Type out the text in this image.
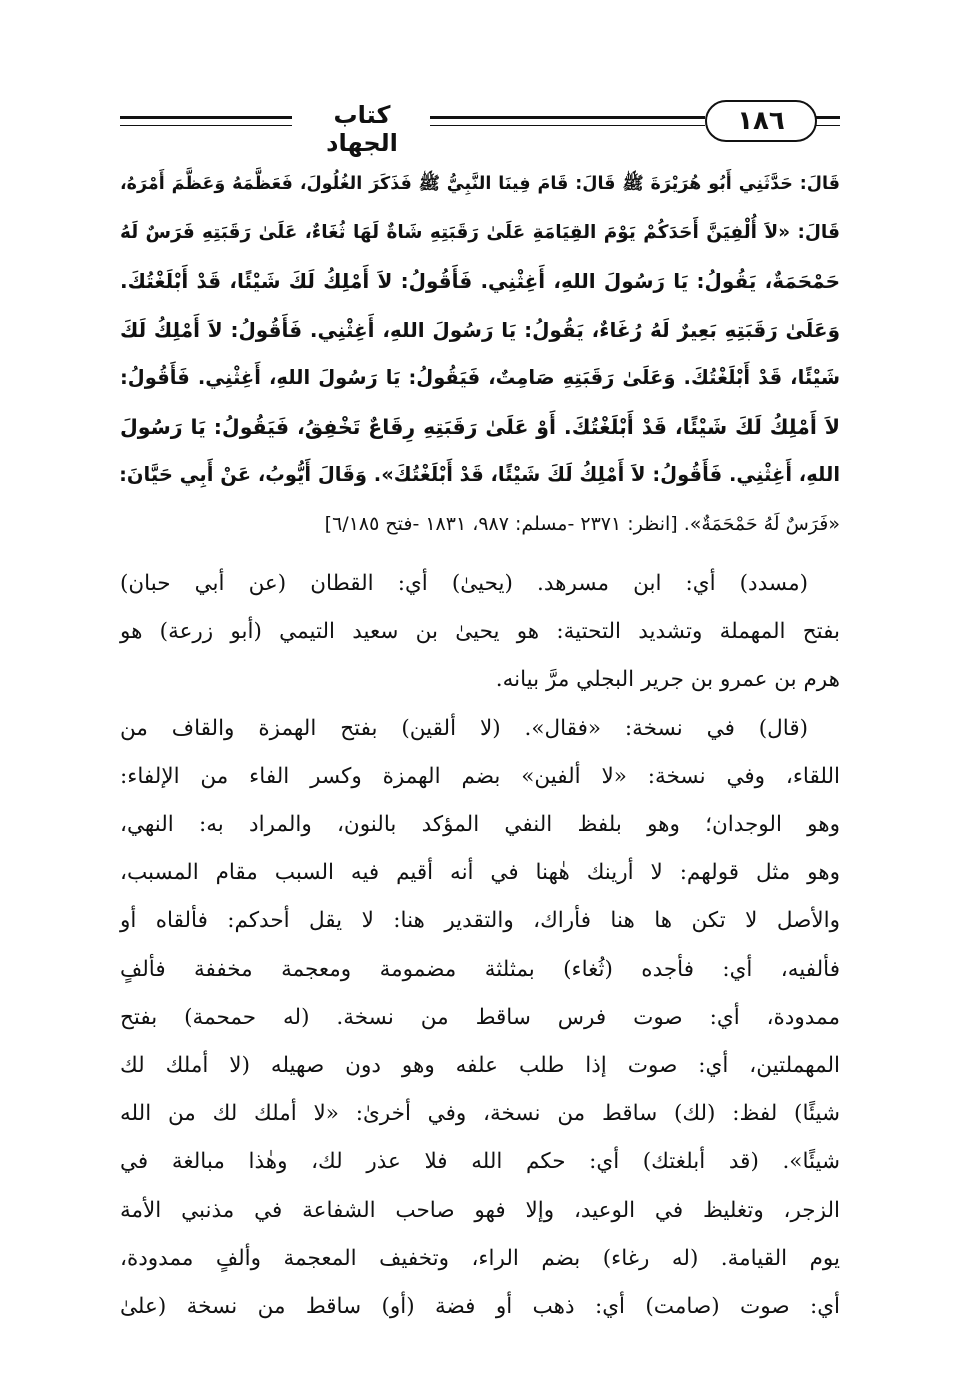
كتاب الجهاد
١٨٦
قَالَ: حَدَّثَنِي أَبُو هُرَيْرَةَ ﷺ قَالَ: قَامَ فِينَا النَّبِيُّ ﷺ فَذَكَرَ الغُلُولَ، فَعَظَّمَهُ وَعَظَّمَ أَمْرَهُ،
قَالَ: «لاَ أُلْفِيَنَّ أَحَدَكُمْ يَوْمَ القِيَامَةِ عَلَىٰ رَقَبَتِهِ شَاةٌ لَهَا ثُغَاءٌ، عَلَىٰ رَقَبَتِهِ فَرَسٌ لَهُ
حَمْحَمَةٌ، يَقُولُ: يَا رَسُولَ اللهِ، أَغِثْنِي. فَأَقُولُ: لاَ أَمْلِكُ لَكَ شَيْئًا، قَدْ أَبْلَغْتُكَ.
وَعَلَىٰ رَقَبَتِهِ بَعِيرٌ لَهُ رُغَاءٌ، يَقُولُ: يَا رَسُولَ اللهِ، أَغِثْنِي. فَأَقُولُ: لاَ أَمْلِكُ لَكَ
شَيْئًا، قَدْ أَبْلَغْتُكَ. وَعَلَىٰ رَقَبَتِهِ صَامِتٌ، فَيَقُولُ: يَا رَسُولَ اللهِ، أَغِثْنِي. فَأَقُولُ:
لاَ أَمْلِكُ لَكَ شَيْئًا، قَدْ أَبْلَغْتُكَ. أَوْ عَلَىٰ رَقَبَتِهِ رِقَاعٌ تَخْفِقُ، فَيَقُولُ: يَا رَسُولَ
اللهِ، أَغِثْنِي. فَأَقُولُ: لاَ أَمْلِكُ لَكَ شَيْئًا، قَدْ أَبْلَغْتُكَ». وَقَالَ أَيُّوبُ، عَنْ أَبِي حَيَّانَ:
«فَرَسٌ لَهُ حَمْحَمَةٌ». [انظر: ٢٣٧١ -مسلم: ٩٨٧، ١٨٣١ -فتح ٦/١٨٥]
(مسدد) أي: ابن مسرهد. (يحيىٰ) أي: القطان (عن أبي حبان)
بفتح المهملة وتشديد التحتية: هو يحيىٰ بن سعيد التيمي (أبو زرعة) هو
هرم بن عمرو بن جرير البجلي مرَّ بيانه.
(قال) في نسخة: «فقال». (لا ألقين) بفتح الهمزة والقاف من
اللقاء، وفي نسخة: «لا ألفين» بضم الهمزة وكسر الفاء من الإلفاء:
وهو الوجدان؛ وهو بلفظ النفي المؤكد بالنون، والمراد به: النهي،
وهو مثل قولهم: لا أرينك هٰهنا في أنه أقيم فيه السبب مقام المسبب،
والأصل لا تكن ها هنا فأراك، والتقدير هنا: لا يقل أحدكم: فألقاه أو
فألفيه، أي: فأجده (ثُغاء) بمثلثة مضمومة ومعجمة مخففة فألفٍ
ممدودة، أي: صوت فرس ساقط من نسخة. (له حمحمة) بفتح
المهملتين، أي: صوت إذا طلب علفه وهو دون صهيله (لا أملك لك
شيئًا) لفظ: (لك) ساقط من نسخة، وفي أخرىٰ: «لا أملك لك من الله
شيئًا». (قد أبلغتك) أي: حكم الله فلا عذر لك، وهٰذا مبالغة في
الزجر، وتغليظ في الوعيد، وإلا فهو صاحب الشفاعة في مذنبي الأمة
يوم القيامة. (له رغاء) بضم الراء، وتخفيف المعجمة وألفٍ ممدودة،
أي: صوت (صامت) أي: ذهب أو فضة (أو) ساقط من نسخة (علىٰ
